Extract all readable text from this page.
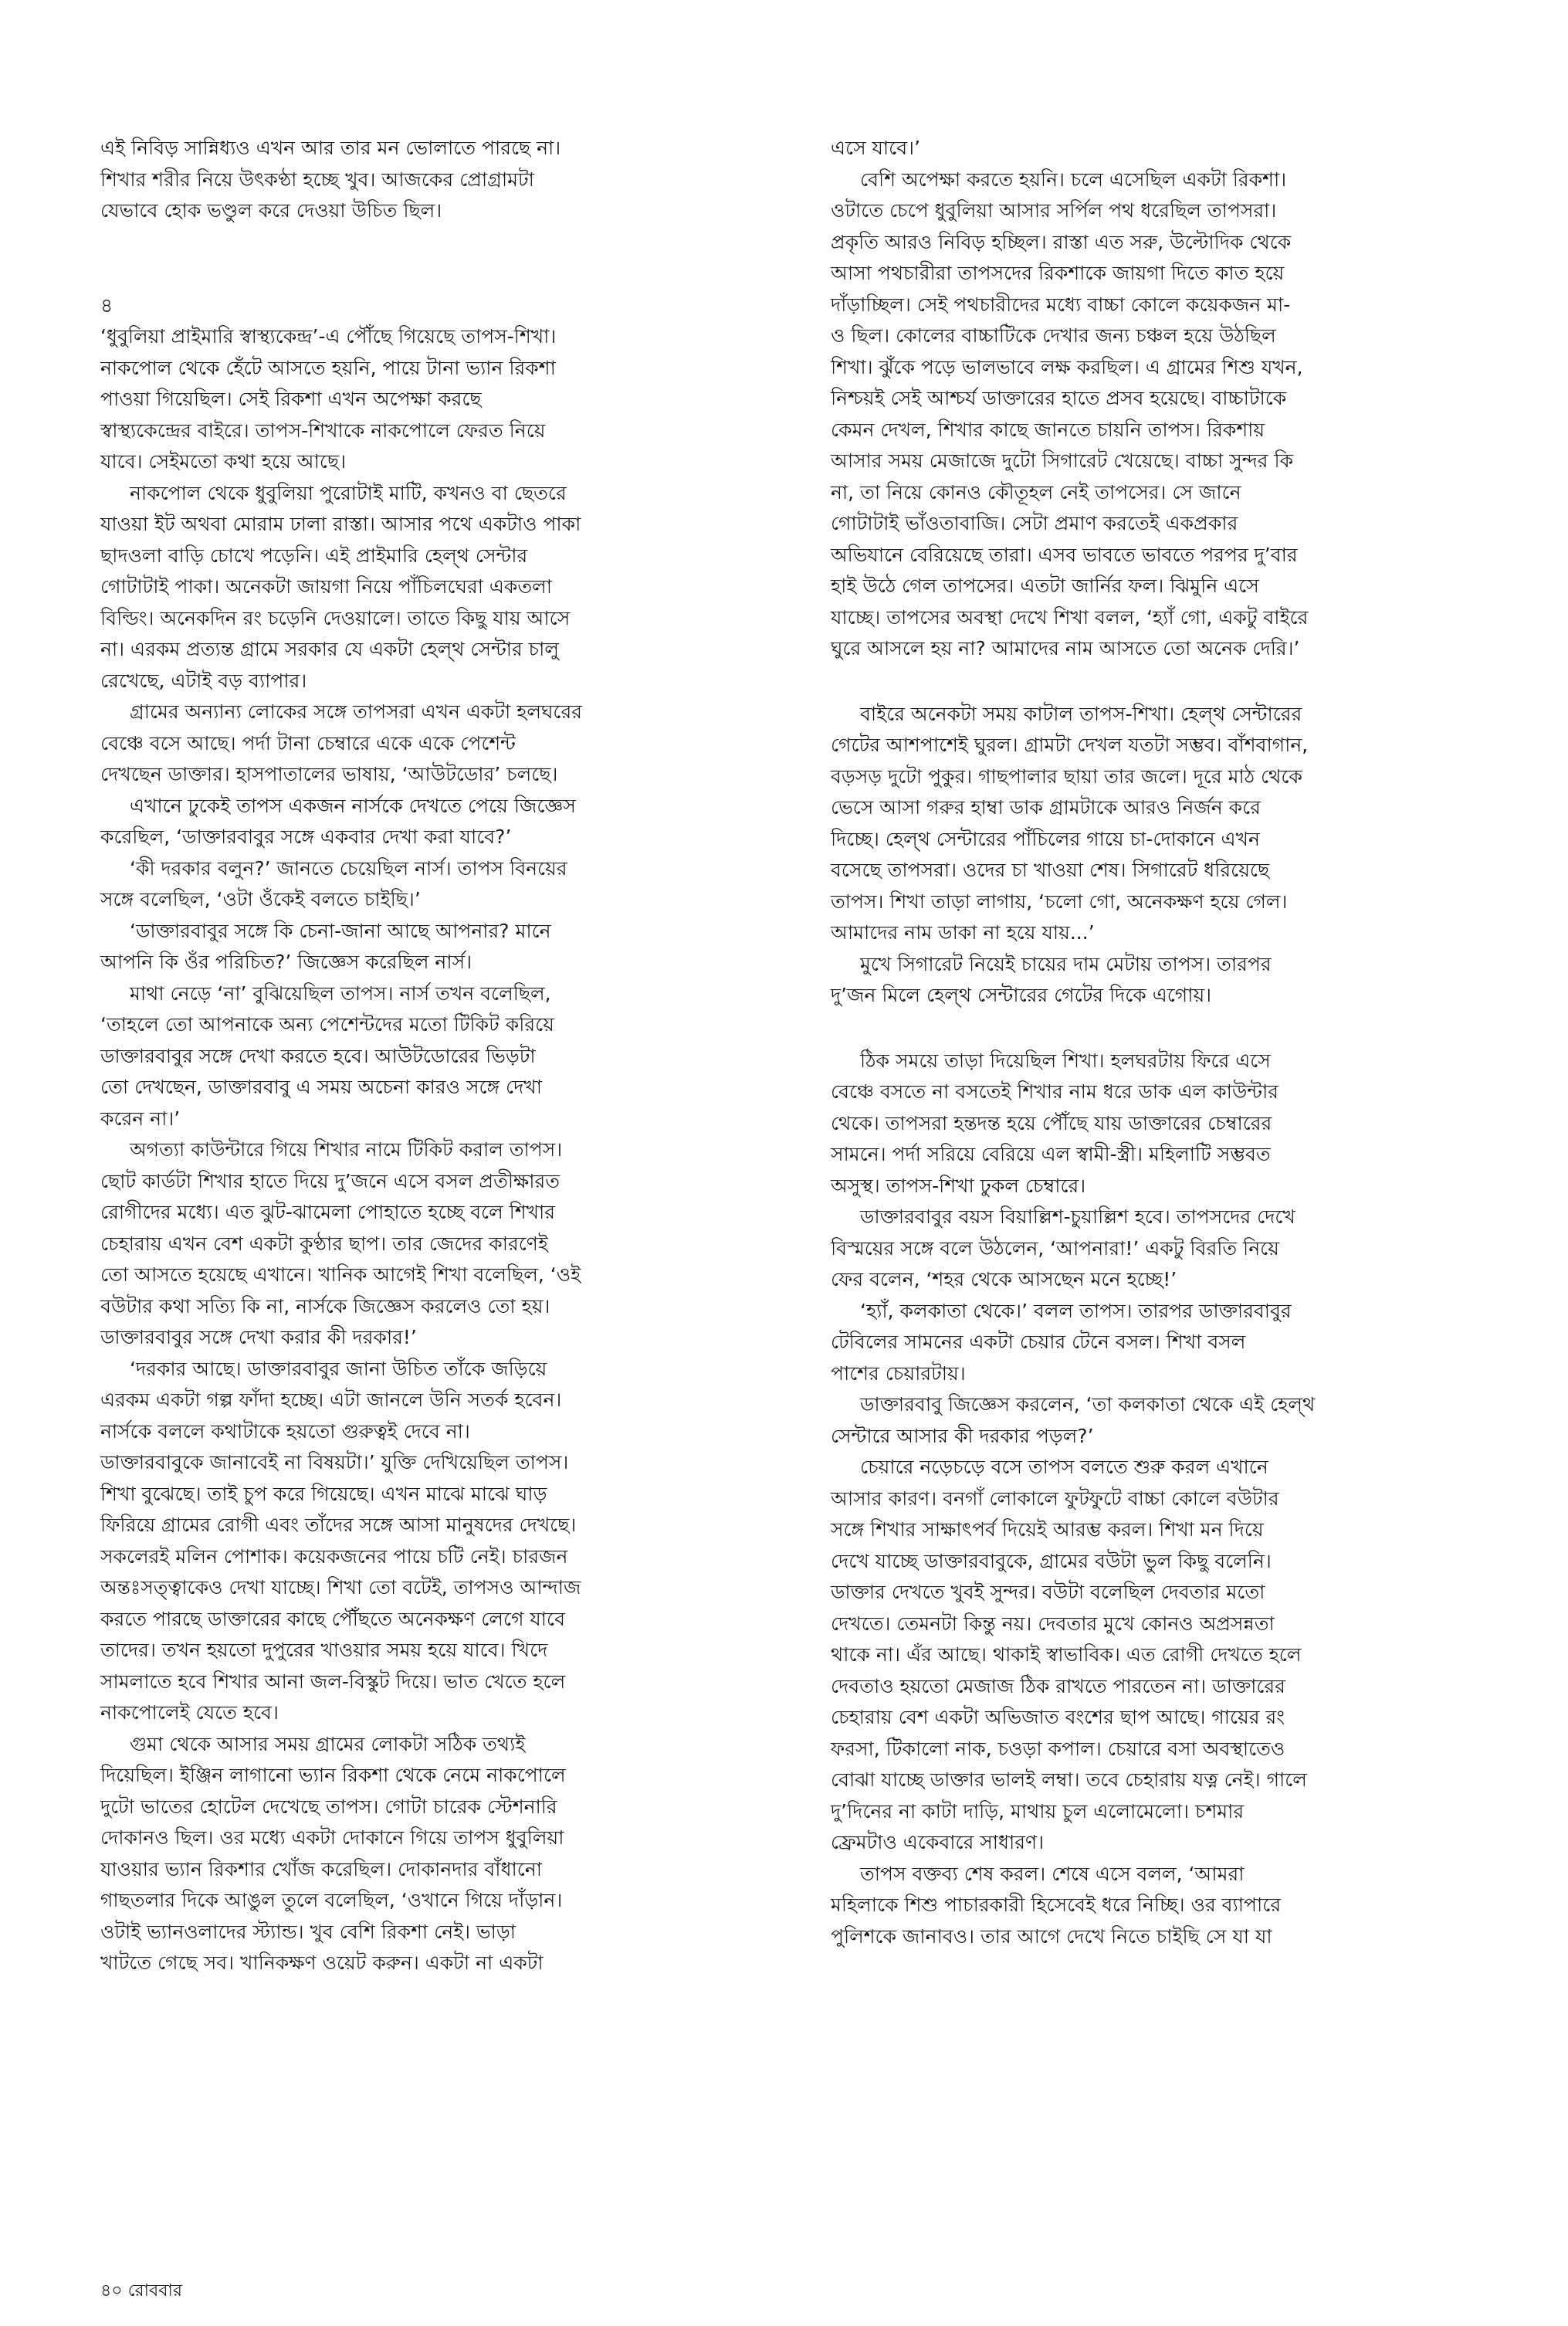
এই নিবিড় সান্নিধ্যও এখন আর তার মন ভোলাতে পারছে না।
শিখার শরীর নিয়ে উৎকণ্ঠা হচ্ছে খুব। আজকের প্রোগ্রামটা
যেভাবে হোক ভণ্ডুল করে দেওয়া উচিত ছিল।

৪

‘ধুবুলিয়া প্রাইমারি স্বাস্থ্যকেন্দ্র’-এ পৌঁছে গিয়েছে তাপস-শিখা।
নাকপোল থেকে হেঁটে আসতে হয়নি, পায়ে টানা ভ্যান রিকশা
পাওয়া গিয়েছিল। সেই রিকশা এখন অপেক্ষা করছে
স্বাস্থ্যকেন্দ্রের বাইরে। তাপস-শিখাকে নাকপোলে ফেরত নিয়ে
যাবে। সেইমতো কথা হয়ে আছে।

নাকপোল থেকে ধুবুলিয়া পুরোটাই মাটি, কখনও বা ছেতরে
যাওয়া ইট অথবা মোরাম ঢালা রাস্তা। আসার পথে একটাও পাকা
ছাদওলা বাড়ি চোখে পড়েনি। এই প্রাইমারি হেল্থ সেন্টার
গোটাটাই পাকা। অনেকটা জায়গা নিয়ে পাঁচিলঘেরা একতলা
বিল্ডিং। অনেকদিন রং চড়েনি দেওয়ালে। তাতে কিছু যায় আসে
না। এরকম প্রত্যন্ত গ্রামে সরকার যে একটা হেল্থ সেন্টার চালু
রেখেছে, এটাই বড় ব্যাপার।

গ্রামের অন্যান্য লোকের সঙ্গে তাপসরা এখন একটা হলঘরের
বেঞ্চে বসে আছে। পর্দা টানা চেম্বারে একে একে পেশেন্ট
দেখছেন ডাক্তার। হাসপাতালের ভাষায়, ‘আউটডোর’ চলছে।

এখানে ঢুকেই তাপস একজন নার্সকে দেখতে পেয়ে জিজ্ঞেস
করেছিল, ‘ডাক্তারবাবুর সঙ্গে একবার দেখা করা যাবে?’

‘কী দরকার বলুন?’ জানতে চেয়েছিল নার্স। তাপস বিনয়ের
সঙ্গে বলেছিল, ‘ওটা ওঁকেই বলতে চাইছি।’

‘ডাক্তারবাবুর সঙ্গে কি চেনা-জানা আছে আপনার? মানে
আপনি কি ওঁর পরিচিত?’ জিজ্ঞেস করেছিল নার্স।

মাথা নেড়ে ‘না’ বুঝিয়েছিল তাপস। নার্স তখন বলেছিল,
‘তাহলে তো আপনাকে অন্য পেশেন্টদের মতো টিকিট করিয়ে
ডাক্তারবাবুর সঙ্গে দেখা করতে হবে। আউটডোরের ভিড়টা
তো দেখছেন, ডাক্তারবাবু এ সময় অচেনা কারও সঙ্গে দেখা
করেন না।’

অগত্যা কাউন্টারে গিয়ে শিখার নামে টিকিট করাল তাপস।
ছোট কার্ডটা শিখার হাতে দিয়ে দু’জনে এসে বসল প্রতীক্ষারত
রোগীদের মধ্যে। এত ঝুট-ঝামেলা পোহাতে হচ্ছে বলে শিখার
চেহারায় এখন বেশ একটা কুণ্ঠার ছাপ। তার জেদের কারণেই
তো আসতে হয়েছে এখানে। খানিক আগেই শিখা বলেছিল, ‘ওই
বউটার কথা সত্যি কি না, নার্সকে জিজ্ঞেস করলেও তো হয়।
ডাক্তারবাবুর সঙ্গে দেখা করার কী দরকার!’

‘দরকার আছে। ডাক্তারবাবুর জানা উচিত তাঁকে জড়িয়ে
এরকম একটা গল্প ফাঁদা হচ্ছে। এটা জানলে উনি সতর্ক হবেন।
নার্সকে বললে কথাটাকে হয়তো গুরুত্বই দেবে না।
ডাক্তারবাবুকে জানাবেই না বিষয়টা।’ যুক্তি দেখিয়েছিল তাপস।
শিখা বুঝেছে। তাই চুপ করে গিয়েছে। এখন মাঝে মাঝে ঘাড়
ফিরিয়ে গ্রামের রোগী এবং তাঁদের সঙ্গে আসা মানুষদের দেখছে।
সকলেরই মলিন পোশাক। কয়েকজনের পায়ে চটি নেই। চারজন
অন্তঃসত্ত্বাকেও দেখা যাচ্ছে। শিখা তো বটেই, তাপসও আন্দাজ
করতে পারছে ডাক্তারের কাছে পৌঁছতে অনেকক্ষণ লেগে যাবে
তাদের। তখন হয়তো দুপুরের খাওয়ার সময় হয়ে যাবে। খিদে
সামলাতে হবে শিখার আনা জল-বিস্কুট দিয়ে। ভাত খেতে হলে
নাকপোলেই যেতে হবে।

গুমা থেকে আসার সময় গ্রামের লোকটা সঠিক তথ্যই
দিয়েছিল। ইঞ্জিন লাগানো ভ্যান রিকশা থেকে নেমে নাকপোলে
দুটো ভাতের হোটেল দেখেছে তাপস। গোটা চারেক স্টেশনারি
দোকানও ছিল। ওর মধ্যে একটা দোকানে গিয়ে তাপস ধুবুলিয়া
যাওয়ার ভ্যান রিকশার খোঁজ করেছিল। দোকানদার বাঁধানো
গাছতলার দিকে আঙুল তুলে বলেছিল, ‘ওখানে গিয়ে দাঁড়ান।
ওটাই ভ্যানওলাদের স্ট্যান্ড। খুব বেশি রিকশা নেই। ভাড়া
খাটতে গেছে সব। খানিকক্ষণ ওয়েট করুন। একটা না একটা

এসে যাবে।’

বেশি অপেক্ষা করতে হয়নি। চলে এসেছিল একটা রিকশা।
ওটাতে চেপে ধুবুলিয়া আসার সর্পিল পথ ধরেছিল তাপসরা।
প্রকৃতি আরও নিবিড় হচ্ছিল। রাস্তা এত সরু, উল্টোদিক থেকে
আসা পথচারীরা তাপসদের রিকশাকে জায়গা দিতে কাত হয়ে
দাঁড়াচ্ছিল। সেই পথচারীদের মধ্যে বাচ্চা কোলে কয়েকজন মা-
ও ছিল। কোলের বাচ্চাটিকে দেখার জন্য চঞ্চল হয়ে উঠছিল
শিখা। ঝুঁকে পড়ে ভালভাবে লক্ষ করছিল। এ গ্রামের শিশু যখন,
নিশ্চয়ই সেই আশ্চর্য ডাক্তারের হাতে প্রসব হয়েছে। বাচ্চাটাকে
কেমন দেখল, শিখার কাছে জানতে চায়নি তাপস। রিকশায়
আসার সময় মেজাজে দুটো সিগারেট খেয়েছে। বাচ্চা সুন্দর কি
না, তা নিয়ে কোনও কৌতূহল নেই তাপসের। সে জানে
গোটাটাই ভাঁওতাবাজি। সেটা প্রমাণ করতেই একপ্রকার
অভিযানে বেরিয়েছে তারা। এসব ভাবতে ভাবতে পরপর দু’বার
হাই উঠে গেল তাপসের। এতটা জার্নির ফল। ঝিমুনি এসে
যাচ্ছে। তাপসের অবস্থা দেখে শিখা বলল, ‘হ্যাঁ গো, একটু বাইরে
ঘুরে আসলে হয় না? আমাদের নাম আসতে তো অনেক দেরি।’

বাইরে অনেকটা সময় কাটাল তাপস-শিখা। হেল্থ সেন্টারের
গেটের আশপাশেই ঘুরল। গ্রামটা দেখল যতটা সম্ভব। বাঁশবাগান,
বড়সড় দুটো পুকুর। গাছপালার ছায়া তার জলে। দূরে মাঠ থেকে
ভেসে আসা গরুর হাম্বা ডাক গ্রামটাকে আরও নির্জন করে
দিচ্ছে। হেল্থ সেন্টারের পাঁচিলের গায়ে চা-দোকানে এখন
বসেছে তাপসরা। ওদের চা খাওয়া শেষ। সিগারেট ধরিয়েছে
তাপস। শিখা তাড়া লাগায়, ‘চলো গো, অনেকক্ষণ হয়ে গেল।
আমাদের নাম ডাকা না হয়ে যায়...’

মুখে সিগারেট নিয়েই চায়ের দাম মেটায় তাপস। তারপর
দু’জন মিলে হেল্থ সেন্টারের গেটের দিকে এগোয়।

ঠিক সময়ে তাড়া দিয়েছিল শিখা। হলঘরটায় ফিরে এসে
বেঞ্চে বসতে না বসতেই শিখার নাম ধরে ডাক এল কাউন্টার
থেকে। তাপসরা হন্তদন্ত হয়ে পৌঁছে যায় ডাক্তারের চেম্বারের
সামনে। পর্দা সরিয়ে বেরিয়ে এল স্বামী-স্ত্রী। মহিলাটি সম্ভবত
অসুস্থ। তাপস-শিখা ঢুকল চেম্বারে।

ডাক্তারবাবুর বয়স বিয়াল্লিশ-চুয়াল্লিশ হবে। তাপসদের দেখে
বিস্ময়ের সঙ্গে বলে উঠলেন, ‘আপনারা!’ একটু বিরতি নিয়ে
ফের বলেন, ‘শহর থেকে আসছেন মনে হচ্ছে!’

‘হ্যাঁ, কলকাতা থেকে।’ বলল তাপস। তারপর ডাক্তারবাবুর
টেবিলের সামনের একটা চেয়ার টেনে বসল। শিখা বসল
পাশের চেয়ারটায়।

ডাক্তারবাবু জিজ্ঞেস করলেন, ‘তা কলকাতা থেকে এই হেল্থ
সেন্টারে আসার কী দরকার পড়ল?’

চেয়ারে নড়েচড়ে বসে তাপস বলতে শুরু করল এখানে
আসার কারণ। বনগাঁ লোকালে ফুটফুটে বাচ্চা কোলে বউটার
সঙ্গে শিখার সাক্ষাৎপর্ব দিয়েই আরম্ভ করল। শিখা মন দিয়ে
দেখে যাচ্ছে ডাক্তারবাবুকে, গ্রামের বউটা ভুল কিছু বলেনি।
ডাক্তার দেখতে খুবই সুন্দর। বউটা বলেছিল দেবতার মতো
দেখতে। তেমনটা কিন্তু নয়। দেবতার মুখে কোনও অপ্রসন্নতা
থাকে না। এঁর আছে। থাকাই স্বাভাবিক। এত রোগী দেখতে হলে
দেবতাও হয়তো মেজাজ ঠিক রাখতে পারতেন না। ডাক্তারের
চেহারায় বেশ একটা অভিজাত বংশের ছাপ আছে। গায়ের রং
ফরসা, টিকালো নাক, চওড়া কপাল। চেয়ারে বসা অবস্থাতেও
বোঝা যাচ্ছে ডাক্তার ভালই লম্বা। তবে চেহারায় যত্ন নেই। গালে
দু’দিনের না কাটা দাড়ি, মাথায় চুল এলোমেলো। চশমার
ফ্রেমটাও একেবারে সাধারণ।

তাপস বক্তব্য শেষ করল। শেষে এসে বলল, ‘আমরা
মহিলাকে শিশু পাচারকারী হিসেবেই ধরে নিচ্ছি। ওর ব্যাপারে
পুলিশকে জানাবও। তার আগে দেখে নিতে চাইছি সে যা যা

৪০ রোববার
